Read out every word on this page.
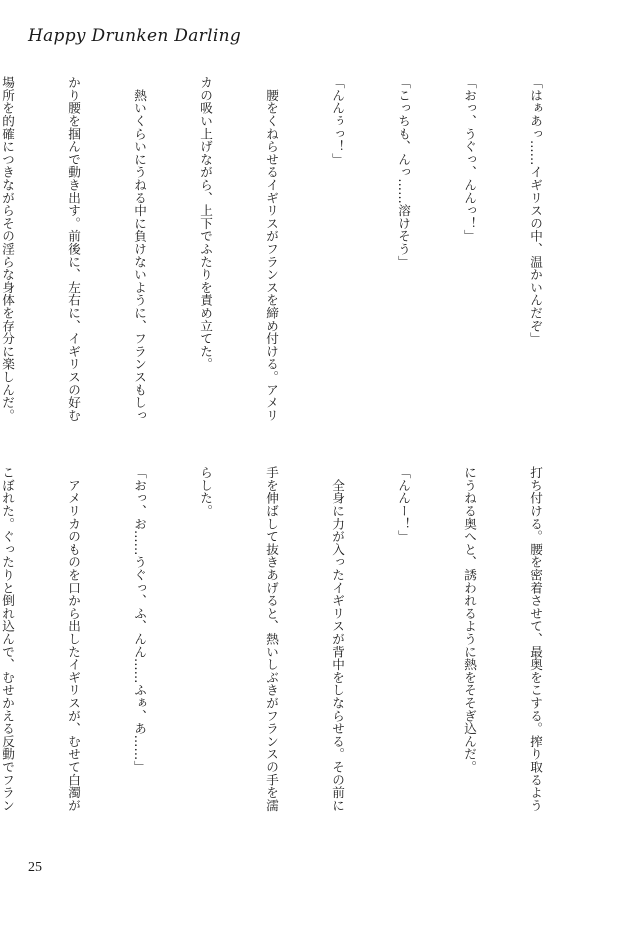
Happy Drunken Darling

「はぁあっ……イギリスの中、温かいんだぞ」

「おっ、うぐっ、んんっ！」

「こっちも、んっ……溶けそう」

「んんぅっ！」

　腰をくねらせるイギリスがフランスを締め付ける。アメリ

カの吸い上げながら、上下でふたりを責め立てた。

　熱いくらいにうねる中に負けないように、フランスもしっ

かり腰を掴んで動き出す。前後に、左右に、イギリスの好む

場所を的確につきながらその淫らな身体を存分に楽しんだ。

打ち付ける。腰を密着させて、最奥をこする。搾り取るよう

にうねる奥へと、誘われるように熱をそそぎ込んだ。

「んんー！」

　全身に力が入ったイギリスが背中をしならせる。その前に

手を伸ばして抜きあげると、熱いしぶきがフランスの手を濡

らした。

「おっ、お……うぐっ、ふ、んん……ふぁ、あ……」

　アメリカのものを口から出したイギリスが、むせて白濁が

こぼれた。ぐったりと倒れ込んで、むせかえる反動でフラン

25
